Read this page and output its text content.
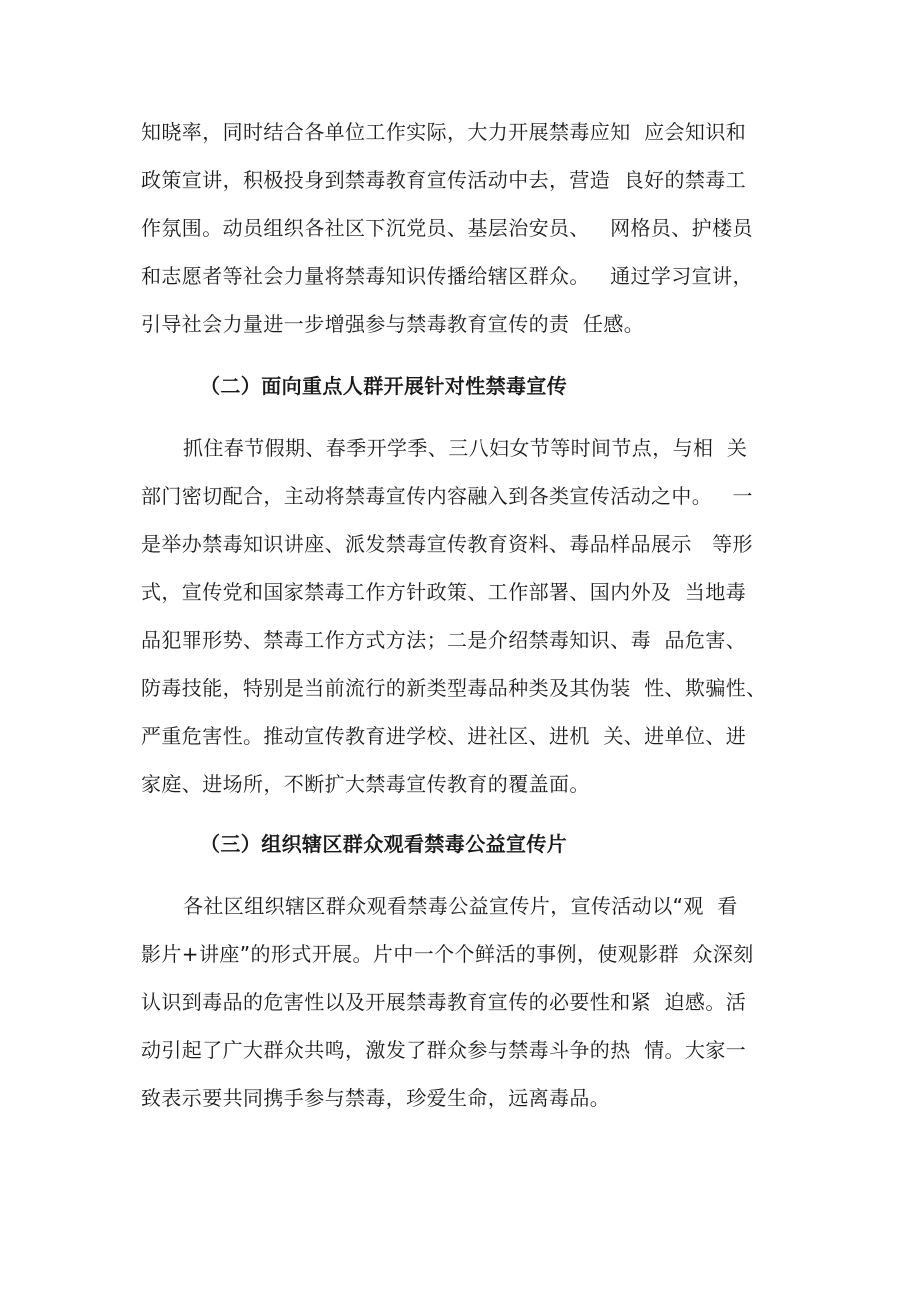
知晓率，同时结合各单位工作实际，大力开展禁毒应知  应会知识和
政策宣讲，积极投身到禁毒教育宣传活动中去，营造  良好的禁毒工
作氛围。动员组织各社区下沉党员、基层治安员、   网格员、护楼员
和志愿者等社会力量将禁毒知识传播给辖区群众。   通过学习宣讲，
引导社会力量进一步增强参与禁毒教育宣传的责  任感。
（二）面向重点人群开展针对性禁毒宣传
抓住春节假期、春季开学季、三八妇女节等时间节点，与相  关
部门密切配合，主动将禁毒宣传内容融入到各类宣传活动之中。   一
是举办禁毒知识讲座、派发禁毒宣传教育资料、毒品样品展示   等形
式，宣传党和国家禁毒工作方针政策、工作部署、国内外及  当地毒
品犯罪形势、禁毒工作方式方法；二是介绍禁毒知识、毒  品危害、
防毒技能，特别是当前流行的新类型毒品种类及其伪装  性、欺骗性、
严重危害性。推动宣传教育进学校、进社区、进机  关、进单位、进
家庭、进场所，不断扩大禁毒宣传教育的覆盖面。
（三）组织辖区群众观看禁毒公益宣传片
各社区组织辖区群众观看禁毒公益宣传片，宣传活动以“观  看
影片+讲座”的形式开展。片中一个个鲜活的事例，使观影群  众深刻
认识到毒品的危害性以及开展禁毒教育宣传的必要性和紧  迫感。活
动引起了广大群众共鸣，激发了群众参与禁毒斗争的热  情。大家一
致表示要共同携手参与禁毒，珍爱生命，远离毒品。
